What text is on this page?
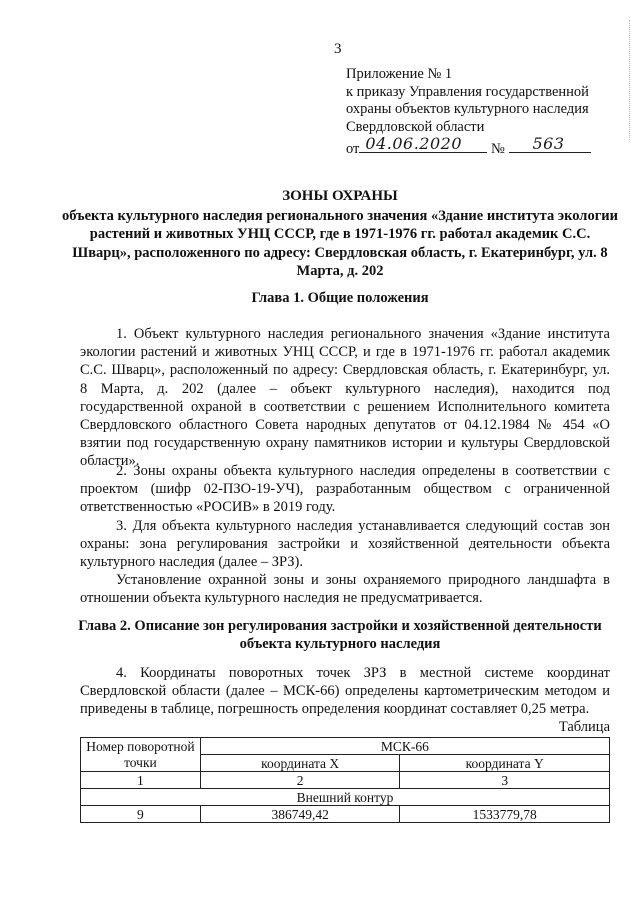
3
Приложение № 1
к приказу Управления государственной
охраны объектов культурного наследия
Свердловской области
от 04.06.2020 № 563
ЗОНЫ ОХРАНЫ
объекта культурного наследия регионального значения «Здание института экологии растений и животных УНЦ СССР, где в 1971-1976 гг. работал академик С.С. Шварц», расположенного по адресу: Свердловская область, г. Екатеринбург, ул. 8 Марта, д. 202
Глава 1. Общие положения
1. Объект культурного наследия регионального значения «Здание института экологии растений и животных УНЦ СССР, и где в 1971-1976 гг. работал академик С.С. Шварц», расположенный по адресу: Свердловская область, г. Екатеринбург, ул. 8 Марта, д. 202 (далее – объект культурного наследия), находится под государственной охраной в соответствии с решением Исполнительного комитета Свердловского областного Совета народных депутатов от 04.12.1984 № 454 «О взятии под государственную охрану памятников истории и культуры Свердловской области».
2. Зоны охраны объекта культурного наследия определены в соответствии с проектом (шифр 02-ПЗО-19-УЧ), разработанным обществом с ограниченной ответственностью «РОСИВ» в 2019 году.
3. Для объекта культурного наследия устанавливается следующий состав зон охраны: зона регулирования застройки и хозяйственной деятельности объекта культурного наследия (далее – ЗРЗ).
Установление охранной зоны и зоны охраняемого природного ландшафта в отношении объекта культурного наследия не предусматривается.
Глава 2. Описание зон регулирования застройки и хозяйственной деятельности объекта культурного наследия
4. Координаты поворотных точек ЗРЗ в местной системе координат Свердловской области (далее – МСК-66) определены картометрическим методом и приведены в таблице, погрешность определения координат составляет 0,25 метра.
Таблица
Номер поворотной точки	МСК-66	
	координата X	координата Y
1	2	3
Внешний контур		
9	386749,42	1533779,78
